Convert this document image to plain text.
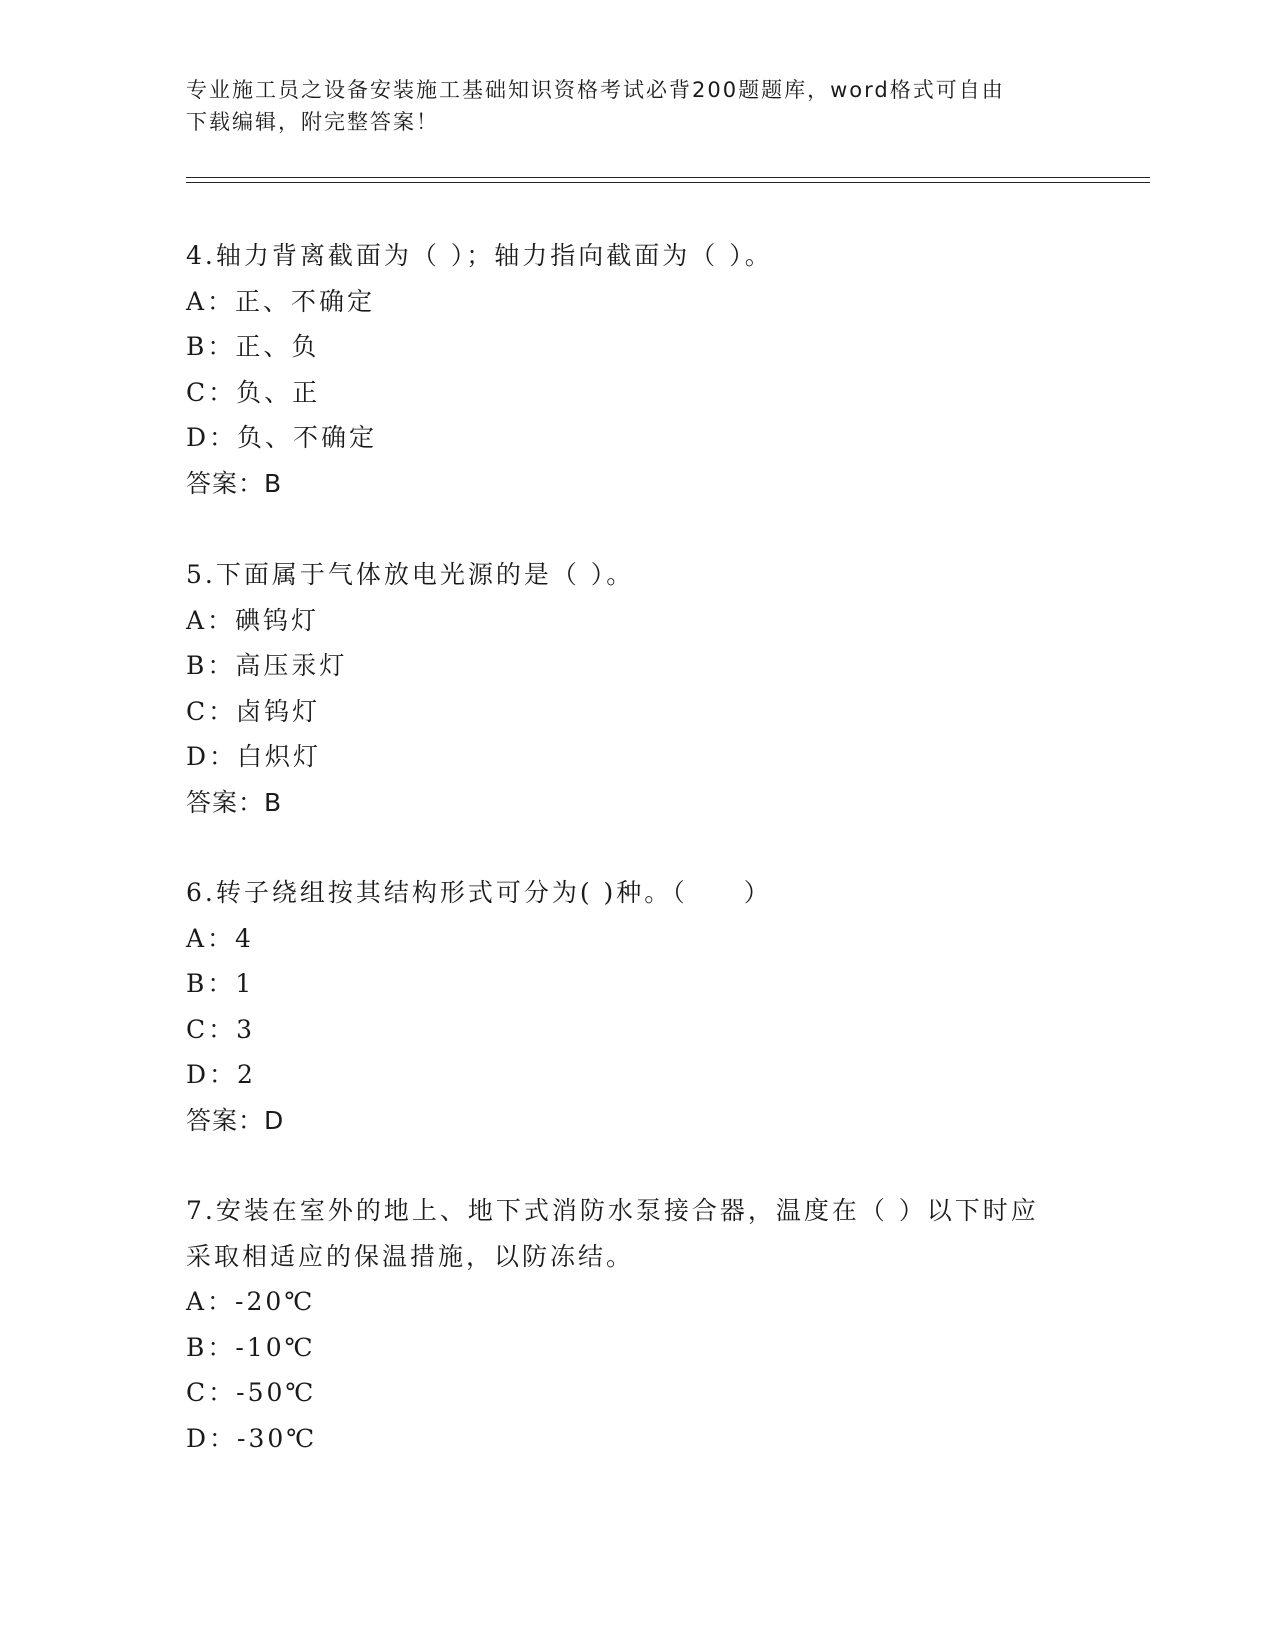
专业施工员之设备安装施工基础知识资格考试必背200题题库，word格式可自由
下载编辑，附完整答案！
4.轴力背离截面为（ ）；轴力指向截面为（ ）。
A：正、不确定
B：正、负
C：负、正
D：负、不确定
答案：B
5.下面属于气体放电光源的是（ ）。
A：碘钨灯
B：高压汞灯
C：卤钨灯
D：白炽灯
答案：B
6.转子绕组按其结构形式可分为( )种。（　　）
A：4
B：1
C：3
D：2
答案：D
7.安装在室外的地上、地下式消防水泵接合器，温度在（ ）以下时应
采取相适应的保温措施，以防冻结。
A：-20℃
B：-10℃
C：-50℃
D：-30℃
